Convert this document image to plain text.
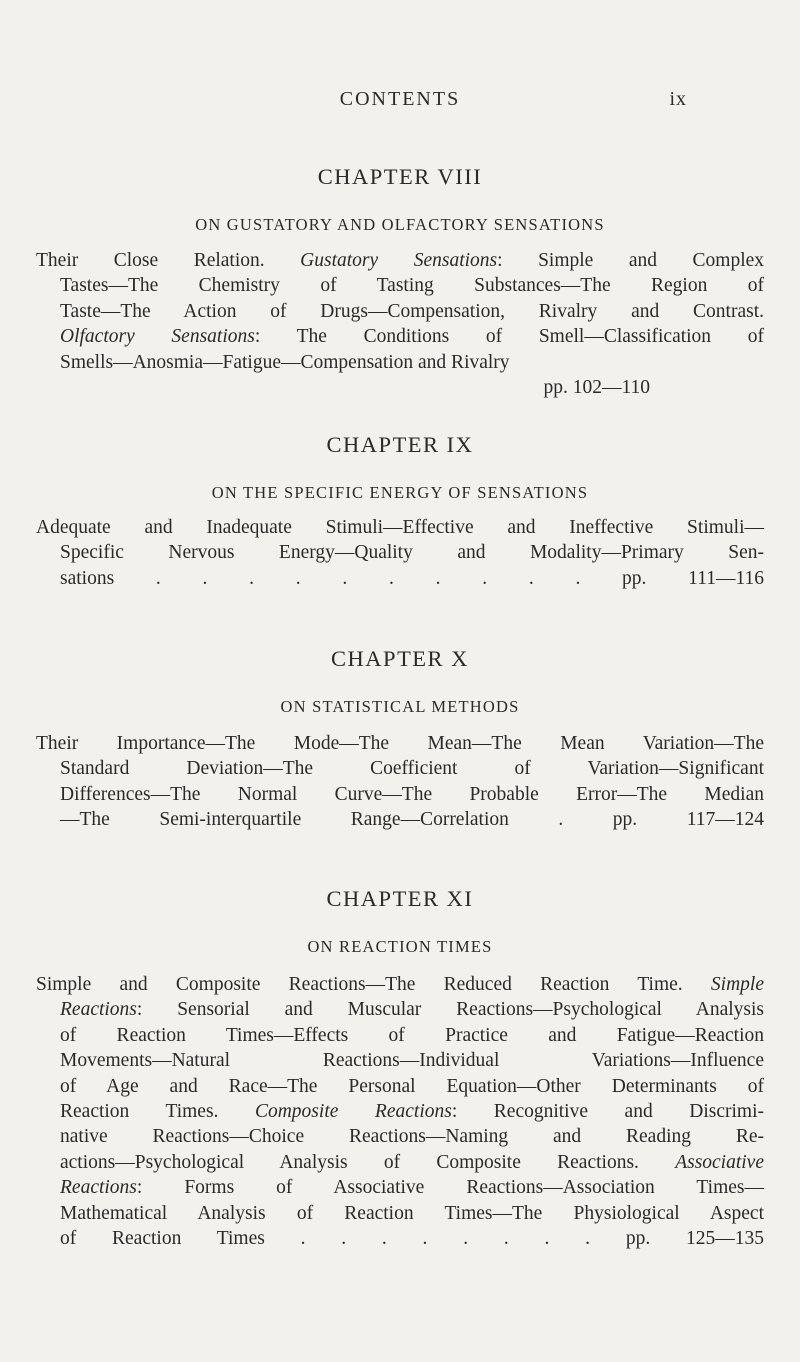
CONTENTS	ix
CHAPTER VIII
ON GUSTATORY AND OLFACTORY SENSATIONS
Their Close Relation. Gustatory Sensations: Simple and Complex
Tastes—The Chemistry of Tasting Substances—The Region of
Taste—The Action of Drugs—Compensation, Rivalry and Contrast.
Olfactory Sensations: The Conditions of Smell—Classification of
Smells—Anosmia—Fatigue—Compensation and Rivalry
pp. 102—110
CHAPTER IX
ON THE SPECIFIC ENERGY OF SENSATIONS
Adequate and Inadequate Stimuli—Effective and Ineffective Stimuli—
Specific Nervous Energy—Quality and Modality—Primary Sen-
sations . . . . . . . . . . pp. 111—116
CHAPTER X
ON STATISTICAL METHODS
Their Importance—The Mode—The Mean—The Mean Variation—The
Standard Deviation—The Coefficient of Variation—Significant
Differences—The Normal Curve—The Probable Error—The Median
—The Semi-interquartile Range—Correlation . pp. 117—124
CHAPTER XI
ON REACTION TIMES
Simple and Composite Reactions—The Reduced Reaction Time. Simple
Reactions: Sensorial and Muscular Reactions—Psychological Analysis
of Reaction Times—Effects of Practice and Fatigue—Reaction
Movements—Natural Reactions—Individual Variations—Influence
of Age and Race—The Personal Equation—Other Determinants of
Reaction Times. Composite Reactions: Recognitive and Discrimi-
native Reactions—Choice Reactions—Naming and Reading Re-
actions—Psychological Analysis of Composite Reactions. Associative
Reactions: Forms of Associative Reactions—Association Times—
Mathematical Analysis of Reaction Times—The Physiological Aspect
of Reaction Times . . . . . . . . pp. 125—135
